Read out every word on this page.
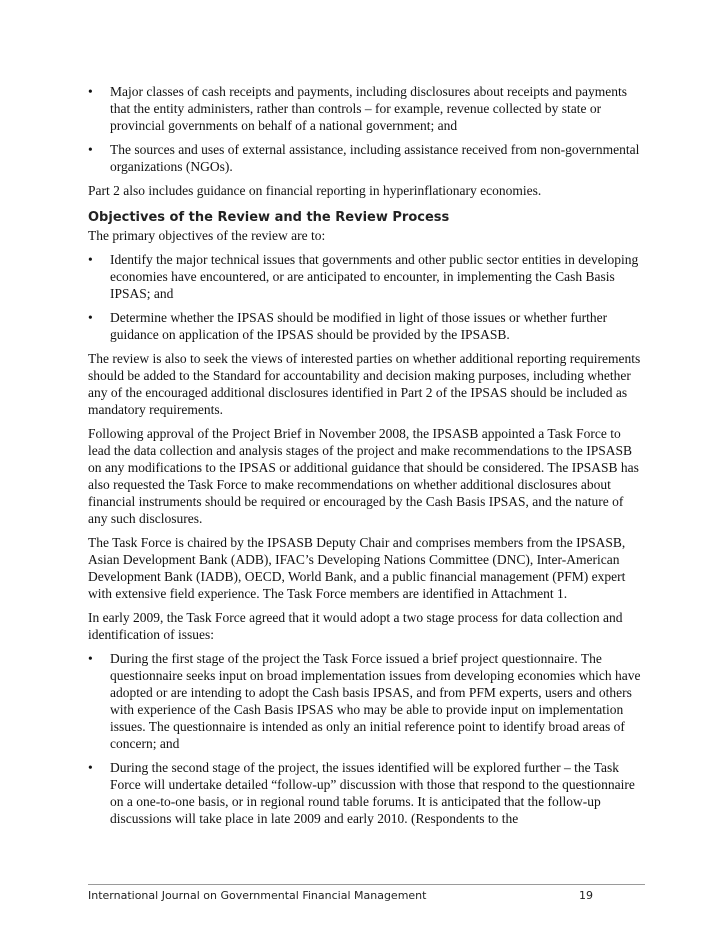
•	Major classes of cash receipts and payments, including disclosures about receipts and payments that the entity administers, rather than controls – for example, revenue collected by state or provincial governments on behalf of a national government; and
•	The sources and uses of external assistance, including assistance received from non-governmental organizations (NGOs).

Part 2 also includes guidance on financial reporting in hyperinflationary economies.

Objectives of the Review and the Review Process

The primary objectives of the review are to:

•	Identify the major technical issues that governments and other public sector entities in developing economies have encountered, or are anticipated to encounter, in implementing the Cash Basis IPSAS; and
•	Determine whether the IPSAS should be modified in light of those issues or whether further guidance on application of the IPSAS should be provided by the IPSASB.

The review is also to seek the views of interested parties on whether additional reporting requirements should be added to the Standard for accountability and decision making purposes, including whether any of the encouraged additional disclosures identified in Part 2 of the IPSAS should be included as mandatory requirements.

Following approval of the Project Brief in November 2008, the IPSASB appointed a Task Force to lead the data collection and analysis stages of the project and make recommendations to the IPSASB on any modifications to the IPSAS or additional guidance that should be considered. The IPSASB has also requested the Task Force to make recommendations on whether additional disclosures about financial instruments should be required or encouraged by the Cash Basis IPSAS, and the nature of any such disclosures.

The Task Force is chaired by the IPSASB Deputy Chair and comprises members from the IPSASB, Asian Development Bank (ADB), IFAC’s Developing Nations Committee (DNC), Inter-American Development Bank (IADB), OECD, World Bank, and a public financial management (PFM) expert with extensive field experience. The Task Force members are identified in Attachment 1.

In early 2009, the Task Force agreed that it would adopt a two stage process for data collection and identification of issues:

•	During the first stage of the project the Task Force issued a brief project questionnaire. The questionnaire seeks input on broad implementation issues from developing economies which have adopted or are intending to adopt the Cash basis IPSAS, and from PFM experts, users and others with experience of the Cash Basis IPSAS who may be able to provide input on implementation issues. The questionnaire is intended as only an initial reference point to identify broad areas of concern; and
•	During the second stage of the project, the issues identified will be explored further – the Task Force will undertake detailed “follow-up” discussion with those that respond to the questionnaire on a one-to-one basis, or in regional round table forums. It is anticipated that the follow-up discussions will take place in late 2009 and early 2010. (Respondents to the
International Journal on Governmental Financial Management	19
